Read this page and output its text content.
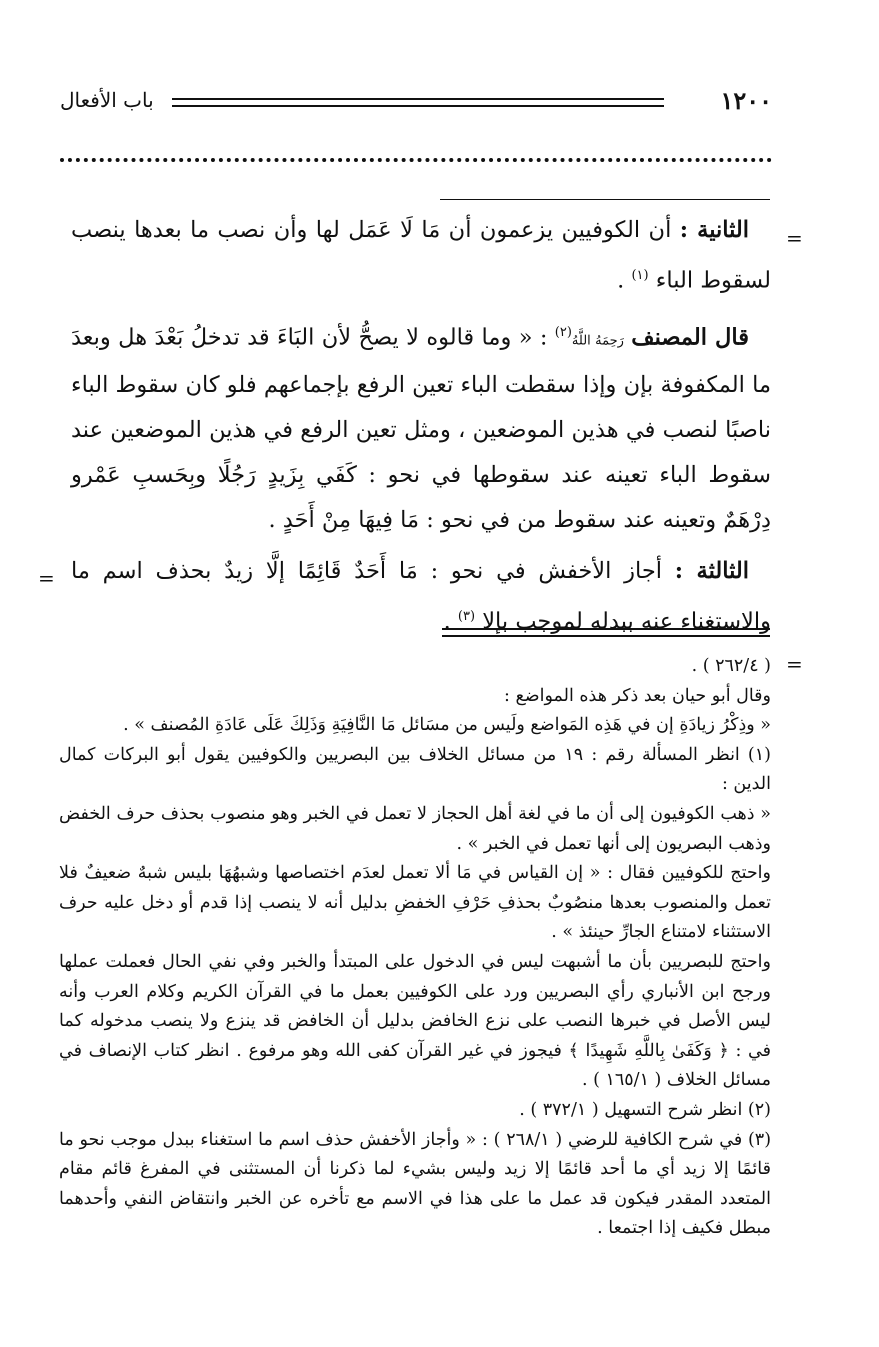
١٢٠٠
باب الأفعال
=
=
=

الثانية : أن الكوفيين يزعمون أن مَا لَا عَمَل لها وأن نصب ما بعدها ينصب لسقوط الباء $^{(١)}$ .

قال المصنف رَحِمَهُ اللَّهُ$^{(٢)}$ : « وما قالوه لا يصحُّ لأن البَاءَ قد تدخلُ بَعْدَ هل وبعدَ ما المكفوفة بإن وإذا سقطت الباء تعين الرفع بإجماعهم فلو كان سقوط الباء ناصبًا لنصب في هذين الموضعين ، ومثل تعين الرفع في هذين الموضعين عند سقوط الباء تعينه عند سقوطها في نحو : كَفَي بِزَيدٍ رَجُلًا وبِحَسبِ عَمْرو دِرْهَمٌ وتعينه عند سقوط من في نحو : مَا فِيهَا مِنْ أَحَدٍ .

الثالثة : أجاز الأخفش في نحو : مَا أَحَدٌ قَائِمًا إلَّا زيدٌ بحذف اسم ما والاستغناء عنه ببدله لموجب بإلا $^{(٣)}$ .

( ٢٦٢/٤ ) .

وقال أبو حيان بعد ذكر هذه المواضع :

« وذِكْرُ زيادَةِ إن في هَذِه المَواضع ولَيس من مسَائل مَا النَّافِيَةِ وَذَلِكَ عَلَى عَادَةِ المُصنف » .

(١) انظر المسألة رقم : ١٩ من مسائل الخلاف بين البصريين والكوفيين يقول أبو البركات كمال الدين :

« ذهب الكوفيون إلى أن ما في لغة أهل الحجاز لا تعمل في الخبر وهو منصوب بحذف حرف الخفض وذهب البصريون إلى أنها تعمل في الخبر » .

واحتج للكوفيين فقال : « إن القياس في مَا ألا تعمل لعدَم اختصاصها وشبهُهَا بليس شبهٌ ضعيفٌ فلا تعمل والمنصوب بعدها منصُوبٌ بحذفِ حَرْفِ الخفضِ بدليل أنه لا ينصب إذا قدم أو دخل عليه حرف الاستثناء لامتناع الجارِّ حينئذ » .

واحتج للبصريين بأن ما أشبهت ليس في الدخول على المبتدأ والخبر وفي نفي الحال فعملت عملها ورجح ابن الأنباري رأي البصريين ورد على الكوفيين بعمل ما في القرآن الكريم وكلام العرب وأنه ليس الأصل في خبرها النصب على نزع الخافض بدليل أن الخافض قد ينزع ولا ينصب مدخوله كما في : ﴿ وَكَفَىٰ بِاللَّهِ شَهِيدًا ﴾ فيجوز في غير القرآن كفى الله وهو مرفوع . انظر كتاب الإنصاف في مسائل الخلاف ( ١٦٥/١ ) .

(٢) انظر شرح التسهيل ( ٣٧٢/١ ) .

(٣) في شرح الكافية للرضي ( ٢٦٨/١ ) : « وأجاز الأخفش حذف اسم ما استغناء ببدل موجب نحو ما قائمًا إلا زيد أي ما أحد قائمًا إلا زيد وليس بشيء لما ذكرنا أن المستثنى في المفرغ قائم مقام المتعدد المقدر فيكون قد عمل ما على هذا في الاسم مع تأخره عن الخبر وانتقاض النفي وأحدهما مبطل فكيف إذا اجتمعا .
